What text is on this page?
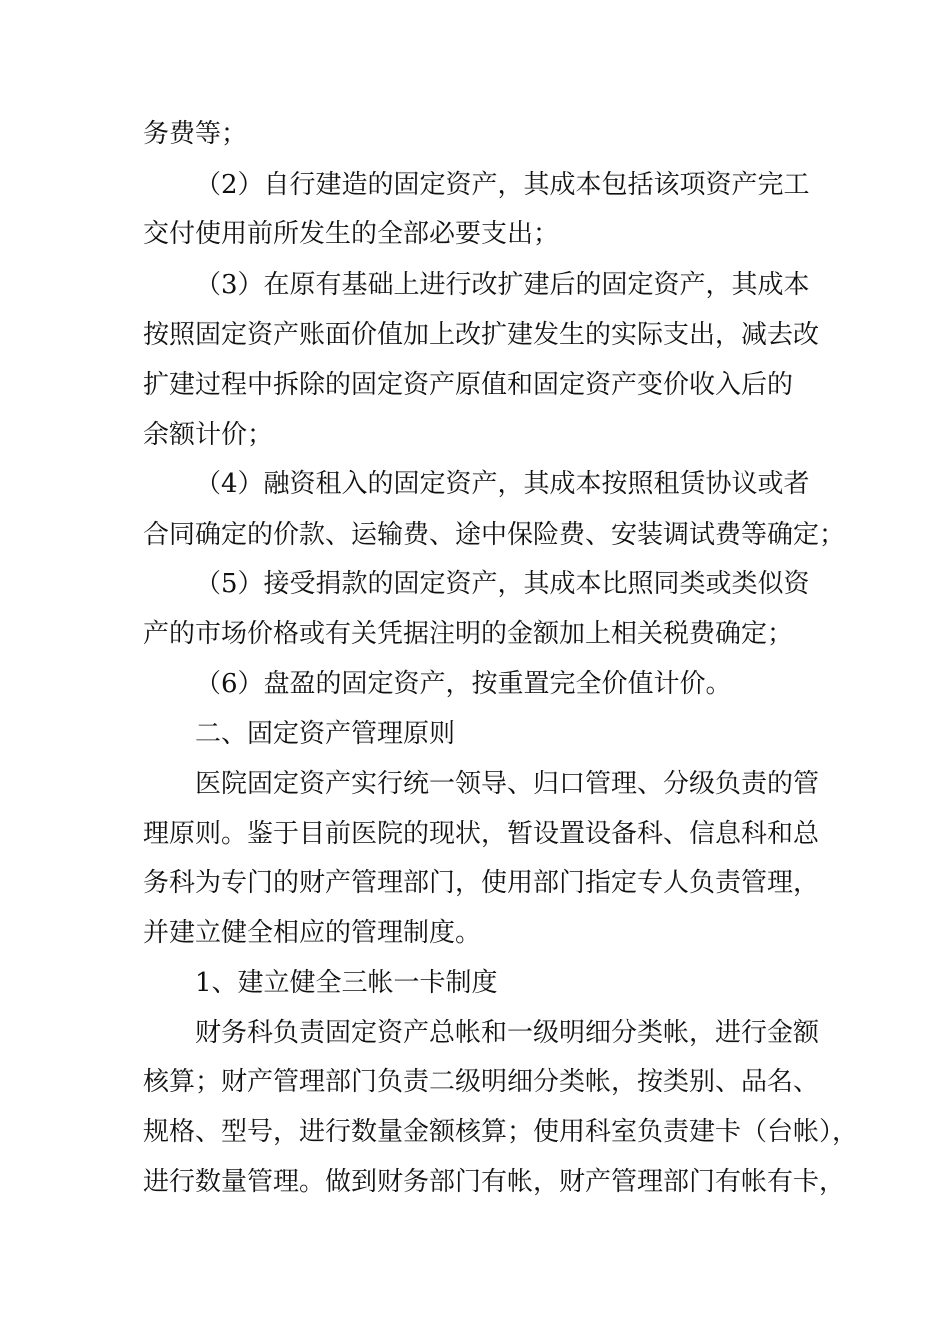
务费等；
（2）自行建造的固定资产，其成本包括该项资产完工
交付使用前所发生的全部必要支出；
（3）在原有基础上进行改扩建后的固定资产，其成本
按照固定资产账面价值加上改扩建发生的实际支出，减去改
扩建过程中拆除的固定资产原值和固定资产变价收入后的
余额计价；
（4）融资租入的固定资产，其成本按照租赁协议或者
合同确定的价款、运输费、途中保险费、安装调试费等确定；
（5）接受捐款的固定资产，其成本比照同类或类似资
产的市场价格或有关凭据注明的金额加上相关税费确定；
（6）盘盈的固定资产，按重置完全价值计价。
二、固定资产管理原则
医院固定资产实行统一领导、归口管理、分级负责的管
理原则。鉴于目前医院的现状，暂设置设备科、信息科和总
务科为专门的财产管理部门，使用部门指定专人负责管理，
并建立健全相应的管理制度。
1、建立健全三帐一卡制度
财务科负责固定资产总帐和一级明细分类帐，进行金额
核算；财产管理部门负责二级明细分类帐，按类别、品名、
规格、型号，进行数量金额核算；使用科室负责建卡（台帐），
进行数量管理。做到财务部门有帐，财产管理部门有帐有卡，
